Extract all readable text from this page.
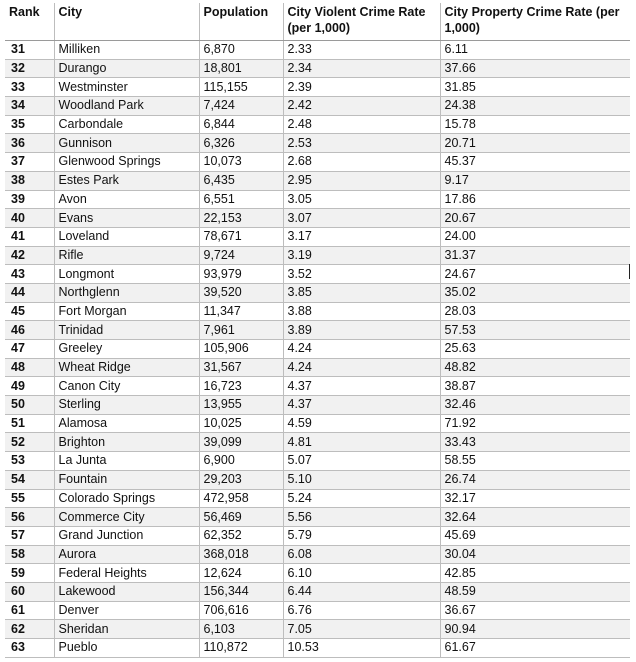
Rank	City	Population	City Violent Crime Rate (per 1,000)	City Property Crime Rate (per 1,000)
31	Milliken	6,870	2.33	6.11
32	Durango	18,801	2.34	37.66
33	Westminster	115,155	2.39	31.85
34	Woodland Park	7,424	2.42	24.38
35	Carbondale	6,844	2.48	15.78
36	Gunnison	6,326	2.53	20.71
37	Glenwood Springs	10,073	2.68	45.37
38	Estes Park	6,435	2.95	9.17
39	Avon	6,551	3.05	17.86
40	Evans	22,153	3.07	20.67
41	Loveland	78,671	3.17	24.00
42	Rifle	9,724	3.19	31.37
43	Longmont	93,979	3.52	24.67
44	Northglenn	39,520	3.85	35.02
45	Fort Morgan	11,347	3.88	28.03
46	Trinidad	7,961	3.89	57.53
47	Greeley	105,906	4.24	25.63
48	Wheat Ridge	31,567	4.24	48.82
49	Canon City	16,723	4.37	38.87
50	Sterling	13,955	4.37	32.46
51	Alamosa	10,025	4.59	71.92
52	Brighton	39,099	4.81	33.43
53	La Junta	6,900	5.07	58.55
54	Fountain	29,203	5.10	26.74
55	Colorado Springs	472,958	5.24	32.17
56	Commerce City	56,469	5.56	32.64
57	Grand Junction	62,352	5.79	45.69
58	Aurora	368,018	6.08	30.04
59	Federal Heights	12,624	6.10	42.85
60	Lakewood	156,344	6.44	48.59
61	Denver	706,616	6.76	36.67
62	Sheridan	6,103	7.05	90.94
63	Pueblo	110,872	10.53	61.67
